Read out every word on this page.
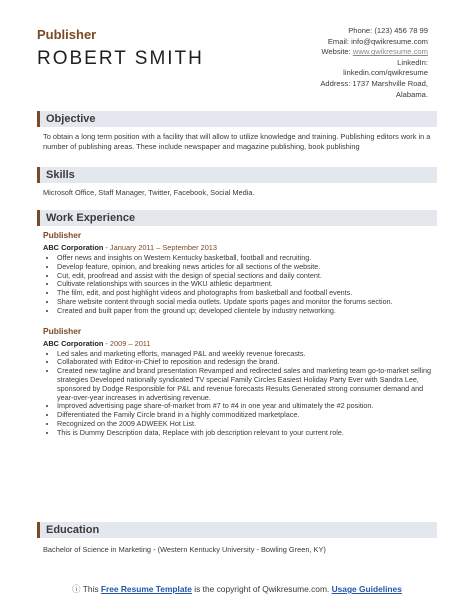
Publisher
ROBERT SMITH
Phone: (123) 456 78 99
Email: info@qwikresume.com
Website: www.qwikresume.com
LinkedIn:
linkedin.com/qwikresume
Address: 1737 Marshville Road,
Alabama.
Objective
To obtain a long term position with a facility that will allow to utilize knowledge and training. Publishing editors work in a number of publishing areas. These include newspaper and magazine publishing, book publishing
Skills
Microsoft Office, Staff Manager, Twitter, Facebook, Social Media.
Work Experience
Publisher
ABC Corporation - January 2011 – September 2013
• Offer news and insights on Western Kentucky basketball, football and recruiting.
• Develop feature, opinion, and breaking news articles for all sections of the website.
• Cut, edit, proofread and assist with the design of special sections and daily content.
• Cultivate relationships with sources in the WKU athletic department.
• The film, edit, and post highlight videos and photographs from basketball and football events.
• Share website content through social media outlets. Update sports pages and monitor the forums section.
• Created and built paper from the ground up; developed clientele by industry networking.
Publisher
ABC Corporation - 2009 – 2011
• Led sales and marketing efforts, managed P&L and weekly revenue forecasts.
• Collaborated with Editor-in-Chief to reposition and redesign the brand.
• Created new tagline and brand presentation Revamped and redirected sales and marketing team go-to-market selling strategies Developed nationally syndicated TV special Family Circles Easiest Holiday Party Ever with Sandra Lee, sponsored by Dodge Responsible for P&L and revenue forecasts Results Generated strong consumer demand and year-over-year increases in advertising revenue.
• Improved advertising page share-of-market from #7 to #4 in one year and ultimately the #2 position.
• Differentiated the Family Circle brand in a highly commoditized marketplace.
• Recognized on the 2009 ADWEEK Hot List.
• This is Dummy Description data, Replace with job description relevant to your current role.
Education
Bachelor of Science in Marketing - (Western Kentucky University - Bowling Green, KY)
ⓘ This Free Resume Template is the copyright of Qwikresume.com. Usage Guidelines
